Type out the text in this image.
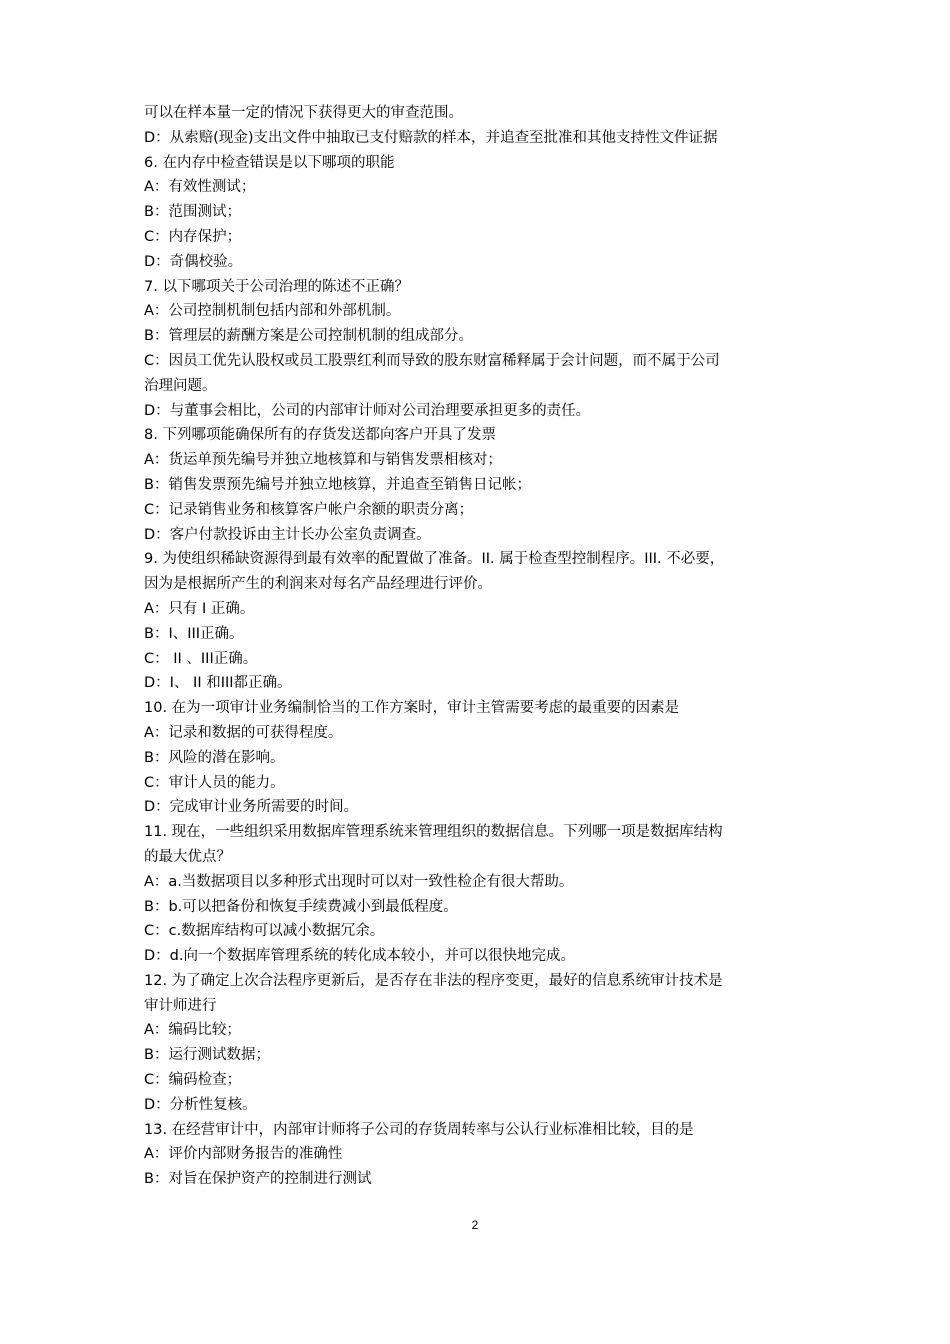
可以在样本量一定的情况下获得更大的审查范围。
D：从索赔(现金)支出文件中抽取已支付赔款的样本，并追查至批准和其他支持性文件证据
6. 在内存中检查错误是以下哪项的职能
A：有效性测试；
B：范围测试；
C：内存保护；
D：奇偶校验。
7. 以下哪项关于公司治理的陈述不正确？
A：公司控制机制包括内部和外部机制。
B：管理层的薪酬方案是公司控制机制的组成部分。
C：因员工优先认股权或员工股票红利而导致的股东财富稀释属于会计问题，而不属于公司
治理问题。
D：与董事会相比，公司的内部审计师对公司治理要承担更多的责任。
8. 下列哪项能确保所有的存货发送都向客户开具了发票
A：货运单预先编号并独立地核算和与销售发票相核对；
B：销售发票预先编号并独立地核算，并追查至销售日记帐；
C：记录销售业务和核算客户帐户余额的职责分离；
D：客户付款投诉由主计长办公室负责调查。
9. 为使组织稀缺资源得到最有效率的配置做了准备。II. 属于检查型控制程序。III. 不必要，
因为是根据所产生的利润来对每名产品经理进行评价。
A：只有 I 正确。
B：I、III正确。
C： II 、III正确。
D：I、 II 和III都正确。
10. 在为一项审计业务编制恰当的工作方案时，审计主管需要考虑的最重要的因素是
A：记录和数据的可获得程度。
B：风险的潜在影响。
C：审计人员的能力。
D：完成审计业务所需要的时间。
11. 现在，一些组织采用数据库管理系统来管理组织的数据信息。下列哪一项是数据库结构
的最大优点？
A：a.当数据项目以多种形式出现时可以对一致性检企有很大帮助。
B：b.可以把备份和恢复手续费减小到最低程度。
C：c.数据库结构可以减小数据冗余。
D：d.向一个数据库管理系统的转化成本较小，并可以很快地完成。
12. 为了确定上次合法程序更新后，是否存在非法的程序变更，最好的信息系统审计技术是
审计师进行
A：编码比较；
B：运行测试数据；
C：编码检查；
D：分析性复核。
13. 在经营审计中，内部审计师将子公司的存货周转率与公认行业标准相比较，目的是
A：评价内部财务报告的准确性
B：对旨在保护资产的控制进行测试
2
